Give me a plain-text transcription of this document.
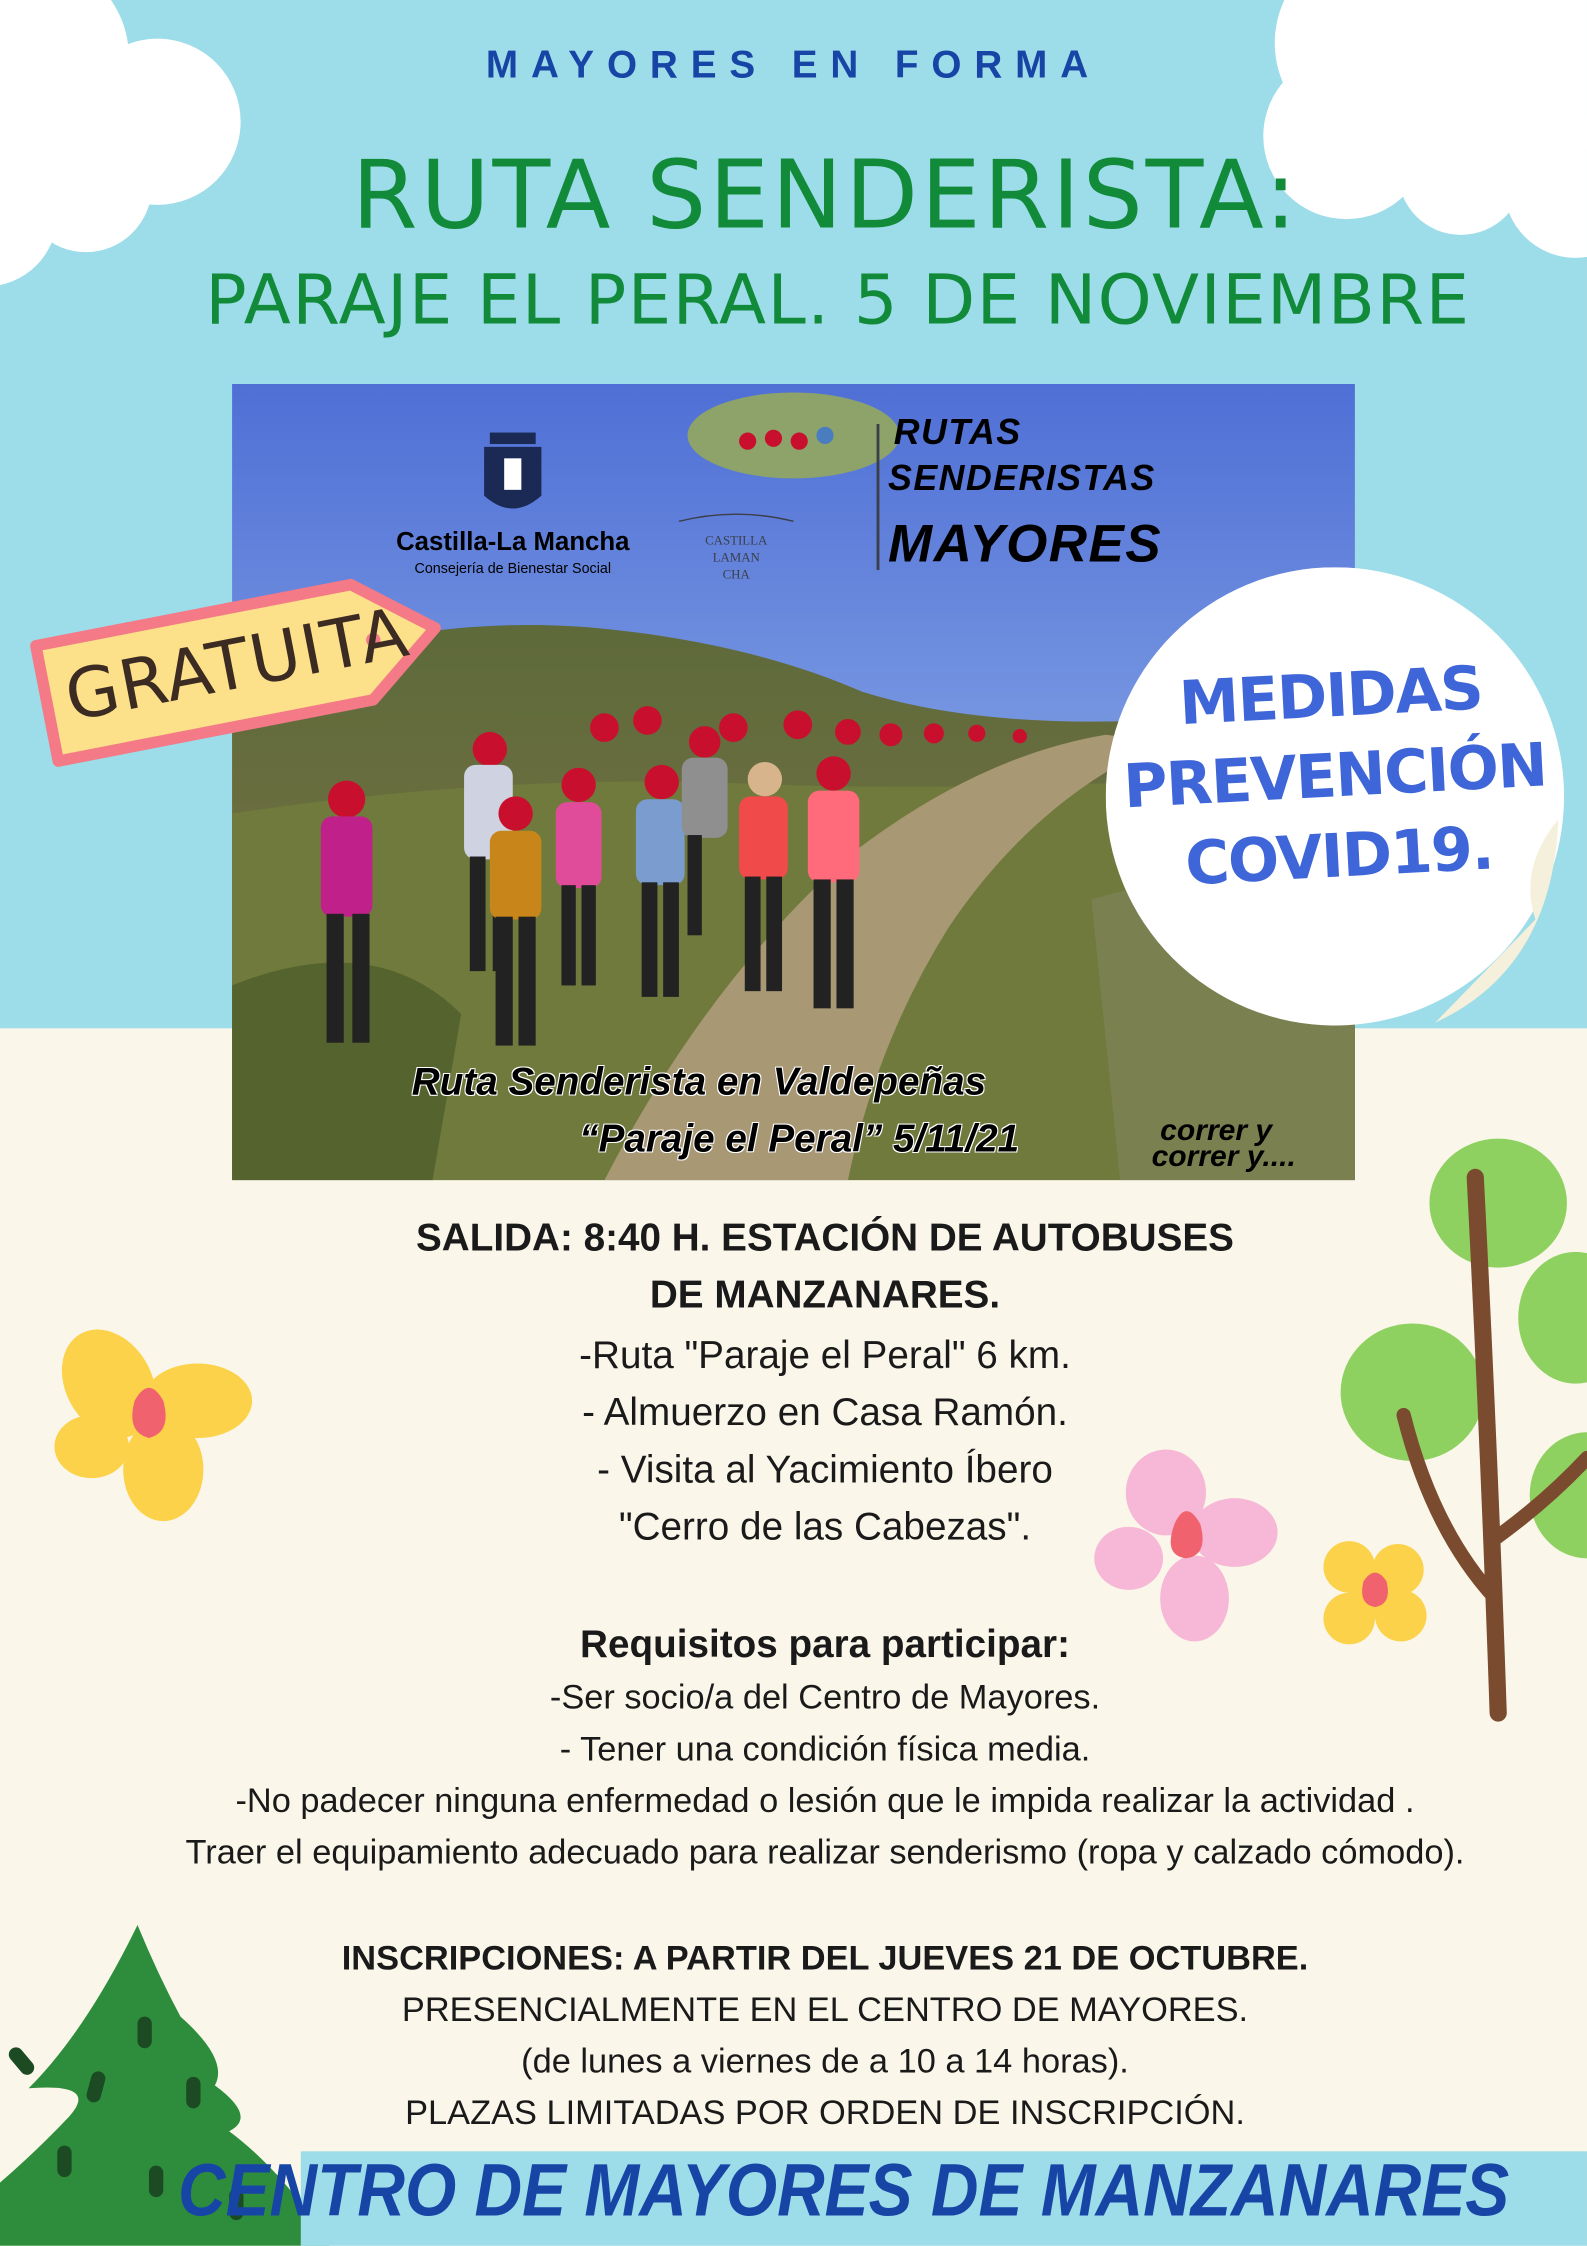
MAYORES EN FORMA
RUTA SENDERISTA:
PARAJE EL PERAL. 5 DE NOVIEMBRE
Castilla-La Mancha
Consejería de Bienestar Social
CASTILLA
LAMAN
CHA
RUTAS
SENDERISTAS
MAYORES
Ruta Senderista en Valdepeñas
“Paraje el Peral” 5/11/21	correr y
correr y....
GRATUITA	MEDIDAS
PREVENCIÓN
COVID19.
SALIDA: 8:40 H. ESTACIÓN DE AUTOBUSES
DE MANZANARES.
-Ruta "Paraje el Peral" 6 km.
- Almuerzo en Casa Ramón.
- Visita al Yacimiento Íbero
"Cerro de las Cabezas".
Requisitos para participar:
-Ser socio/a del Centro de Mayores.
- Tener una condición física media.
-No padecer ninguna enfermedad o lesión que le impida realizar la actividad .
Traer el equipamiento adecuado para realizar senderismo (ropa y calzado cómodo).
INSCRIPCIONES: A PARTIR DEL JUEVES 21 DE OCTUBRE.
PRESENCIALMENTE EN EL CENTRO DE MAYORES.
(de lunes a viernes de a 10 a 14 horas).
PLAZAS LIMITADAS POR ORDEN DE INSCRIPCIÓN.
CENTRO DE MAYORES DE MANZANARES
